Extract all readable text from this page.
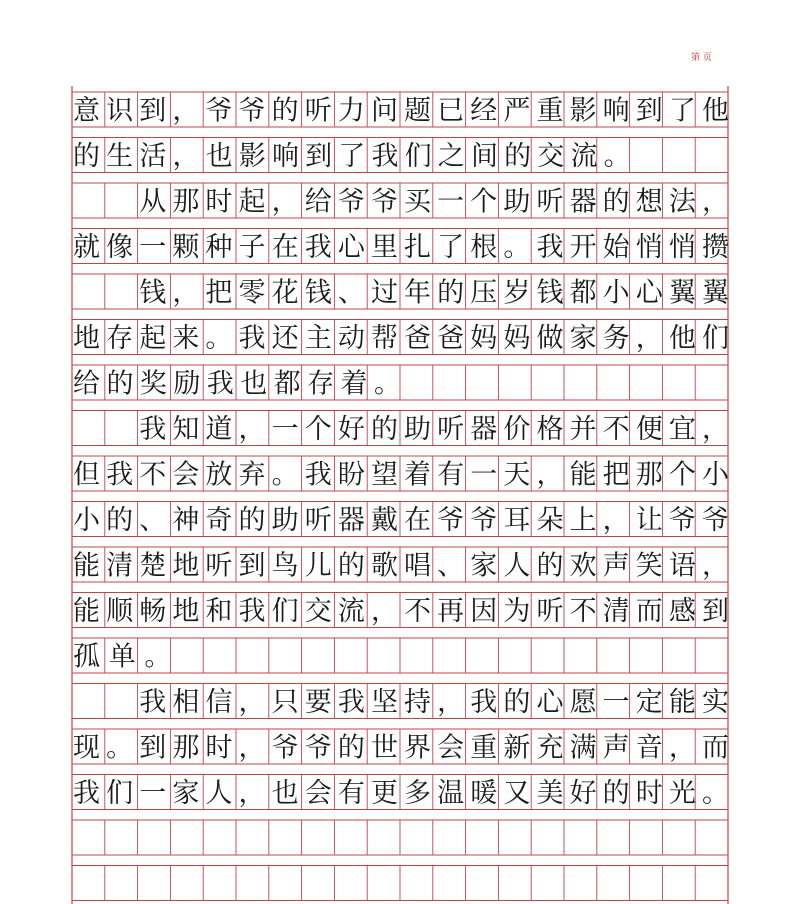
第 页
意识到，爷爷的听力问题已经严重影响到了他
的生活，也影响到了我们之间的交流。
　　从那时起，给爷爷买一个助听器的想法，
就像一颗种子在我心里扎了根。我开始悄悄攒
　　钱，把零花钱、过年的压岁钱都小心翼翼
地存起来。我还主动帮爸爸妈妈做家务，他们
给的奖励我也都存着。
　　我知道，一个好的助听器价格并不便宜，
但我不会放弃。我盼望着有一天，能把那个小
小的、神奇的助听器戴在爷爷耳朵上，让爷爷
能清楚地听到鸟儿的歌唱、家人的欢声笑语，
能顺畅地和我们交流，不再因为听不清而感到
孤单。
　　我相信，只要我坚持，我的心愿一定能实
现。到那时，爷爷的世界会重新充满声音，而
我们一家人，也会有更多温暖又美好的时光。
